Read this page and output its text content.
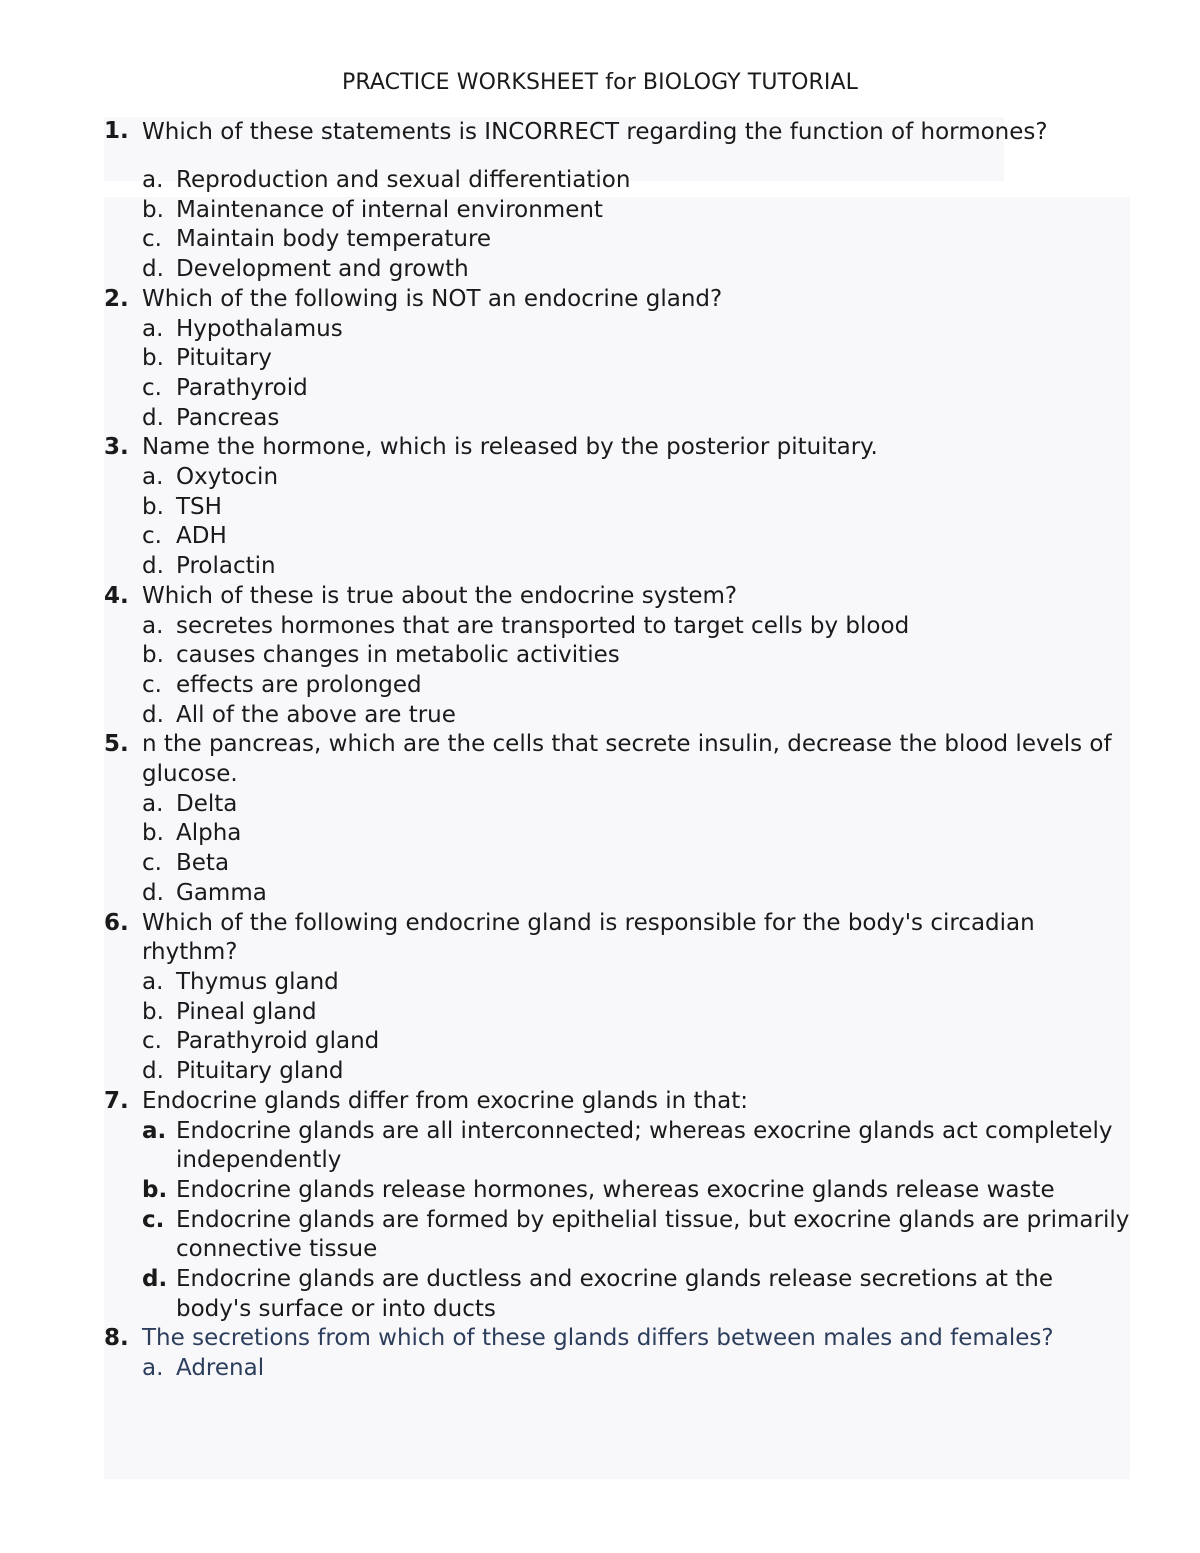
PRACTICE WORKSHEET for BIOLOGY TUTORIAL
1. Which of these statements is INCORRECT regarding the function of hormones?
a. Reproduction and sexual differentiation
b. Maintenance of internal environment
c. Maintain body temperature
d. Development and growth
2. Which of the following is NOT an endocrine gland?
a. Hypothalamus
b. Pituitary
c. Parathyroid
d. Pancreas
3. Name the hormone, which is released by the posterior pituitary.
a. Oxytocin
b. TSH
c. ADH
d. Prolactin
4. Which of these is true about the endocrine system?
a. secretes hormones that are transported to target cells by blood
b. causes changes in metabolic activities
c. effects are prolonged
d. All of the above are true
5. n the pancreas, which are the cells that secrete insulin, decrease the blood levels of glucose.
a. Delta
b. Alpha
c. Beta
d. Gamma
6. Which of the following endocrine gland is responsible for the body's circadian rhythm?
a. Thymus gland
b. Pineal gland
c. Parathyroid gland
d. Pituitary gland
7. Endocrine glands differ from exocrine glands in that:
a. Endocrine glands are all interconnected; whereas exocrine glands act completely independently
b. Endocrine glands release hormones, whereas exocrine glands release waste
c. Endocrine glands are formed by epithelial tissue, but exocrine glands are primarily connective tissue
d. Endocrine glands are ductless and exocrine glands release secretions at the body's surface or into ducts
8. The secretions from which of these glands differs between males and females?
a. Adrenal
